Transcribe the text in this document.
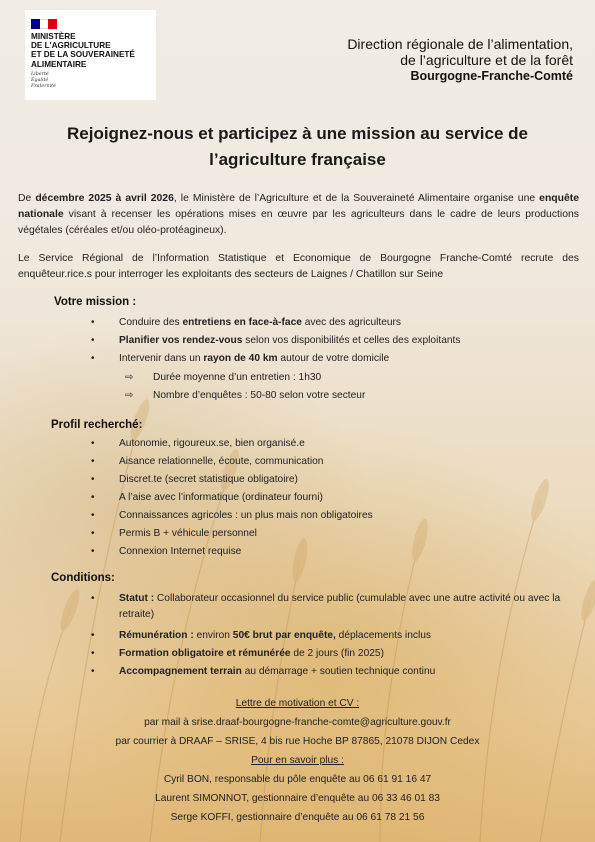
MINISTÈRE
DE L'AGRICULTURE
ET DE LA SOUVERAINETÉ
ALIMENTAIRE
Liberté
Égalité
Fraternité
Direction régionale de l’alimentation,
de l’agriculture et de la forêt
Bourgogne-Franche-Comté
Rejoignez-nous et participez à une mission au service de
l’agriculture française

De décembre 2025 à avril 2026, le Ministère de l’Agriculture et de la Souveraineté Alimentaire organise une enquête nationale visant à recenser les opérations mises en œuvre par les agriculteurs dans le cadre de leurs productions végétales (céréales et/ou oléo-protéagineux).

Le Service Régional de l’Information Statistique et Economique de Bourgogne Franche-Comté recrute des enquêteur.rice.s pour interroger les exploitants des secteurs de Laignes / Chatillon sur Seine

Votre mission :
• Conduire des entretiens en face-à-face avec des agriculteurs
• Planifier vos rendez-vous selon vos disponibilités et celles des exploitants
• Intervenir dans un rayon de 40 km autour de votre domicile
⇨ Durée moyenne d’un entretien : 1h30
⇨ Nombre d’enquêtes : 50-80 selon votre secteur
Profil recherché:
• Autonomie, rigoureux.se, bien organisé.e
• Aisance relationnelle, écoute, communication
• Discret.te (secret statistique obligatoire)
• A l’aise avec l’informatique (ordinateur fourni)
• Connaissances agricoles : un plus mais non obligatoires
• Permis B + véhicule personnel
• Connexion Internet requise
Conditions:
• Statut : Collaborateur occasionnel du service public (cumulable avec une autre activité ou avec la retraite)
• Rémunération : environ 50€ brut par enquête, déplacements inclus
• Formation obligatoire et rémunérée de 2 jours (fin 2025)
• Accompagnement terrain au démarrage + soutien technique continu
Lettre de motivation et CV :
par mail à srise.draaf-bourgogne-franche-comte@agriculture.gouv.fr
par courrier à DRAAF – SRISE, 4 bis rue Hoche BP 87865, 21078 DIJON Cedex
Pour en savoir plus :
Cyril BON, responsable du pôle enquête au 06 61 91 16 47
Laurent SIMONNOT, gestionnaire d’enquête au 06 33 46 01 83
Serge KOFFI, gestionnaire d’enquête au 06 61 78 21 56
